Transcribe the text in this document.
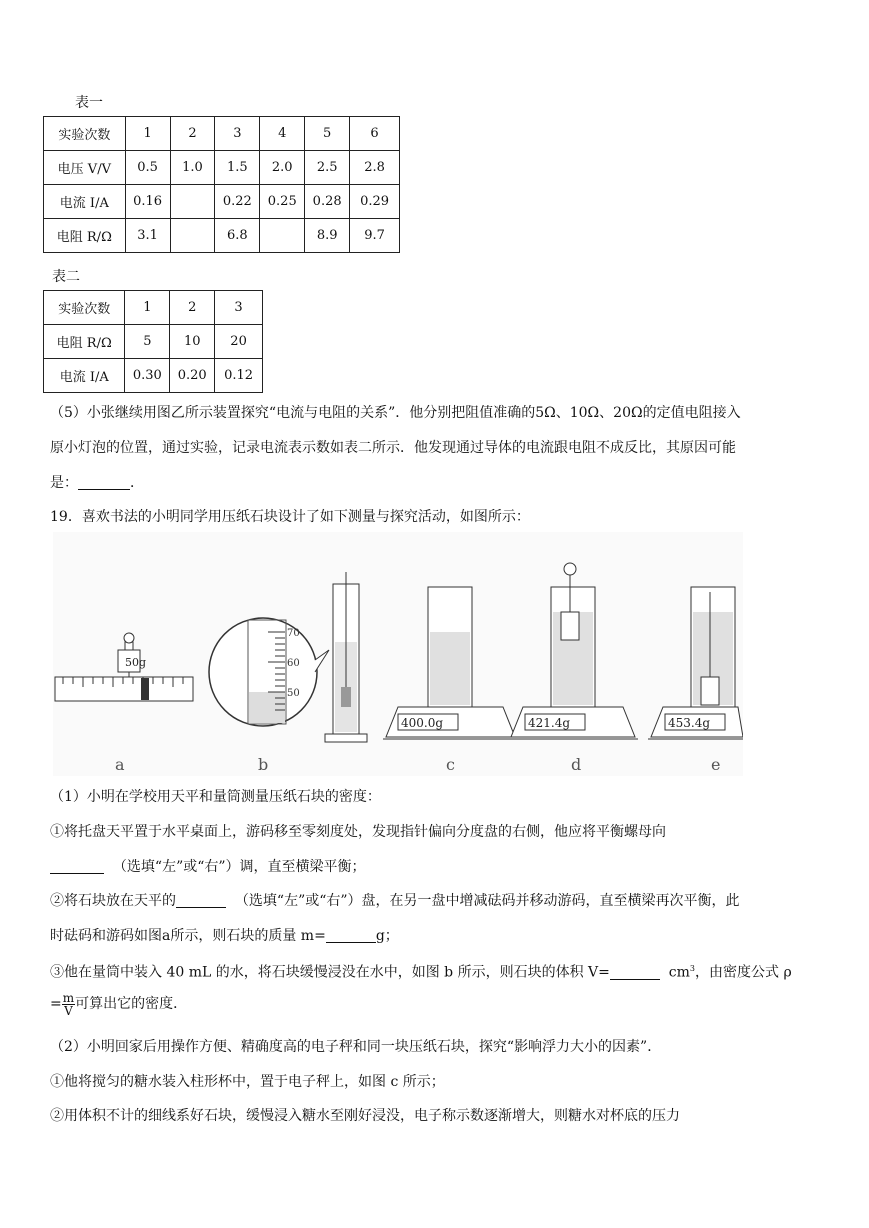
表一
实验次数	1	2	3	4	5	6
电压 V/V	0.5	1.0	1.5	2.0	2.5	2.8
电流 I/A	0.16		0.22	0.25	0.28	0.29
电阻 R/Ω	3.1		6.8		8.9	9.7
表二
实验次数	1	2	3
电阻 R/Ω	5	10	20
电流 I/A	0.30	0.20	0.12
（5）小张继续用图乙所示装置探究“电流与电阻的关系”．他分别把阻值准确的5Ω、10Ω、20Ω的定值电阻接入
原小灯泡的位置，通过实验，记录电流表示数如表二所示．他发现通过导体的电流跟电阻不成反比，其原因可能
是：	．
19．喜欢书法的小明同学用压纸石块设计了如下测量与探究活动，如图所示：
a
70
60
50
b
400.0g
c
421.4g
d
453.4g
e
50g
（1）小明在学校用天平和量筒测量压纸石块的密度：
①将托盘天平置于水平桌面上，游码移至零刻度处，发现指针偏向分度盘的右侧，他应将平衡螺母向
（选填“左”或“右”）调，直至横梁平衡；
②将石块放在天平的	（选填“左”或“右”）盘，在另一盘中增减砝码并移动游码，直至横梁再次平衡，此
时砝码和游码如图a所示，则石块的质量 m=	g；
③他在量筒中装入 40 mL 的水，将石块缓慢浸没在水中，如图 b 所示，则石块的体积 V=	$cm^3$，由密度公式 ρ
= $\frac{m}{V}$ 可算出它的密度．
（2）小明回家后用操作方便、精确度高的电子秤和同一块压纸石块，探究“影响浮力大小的因素”．
①他将搅匀的糖水装入柱形杯中，置于电子秤上，如图 c 所示；
②用体积不计的细线系好石块，缓慢浸入糖水至刚好浸没，电子称示数逐渐增大，则糖水对杯底的压力
